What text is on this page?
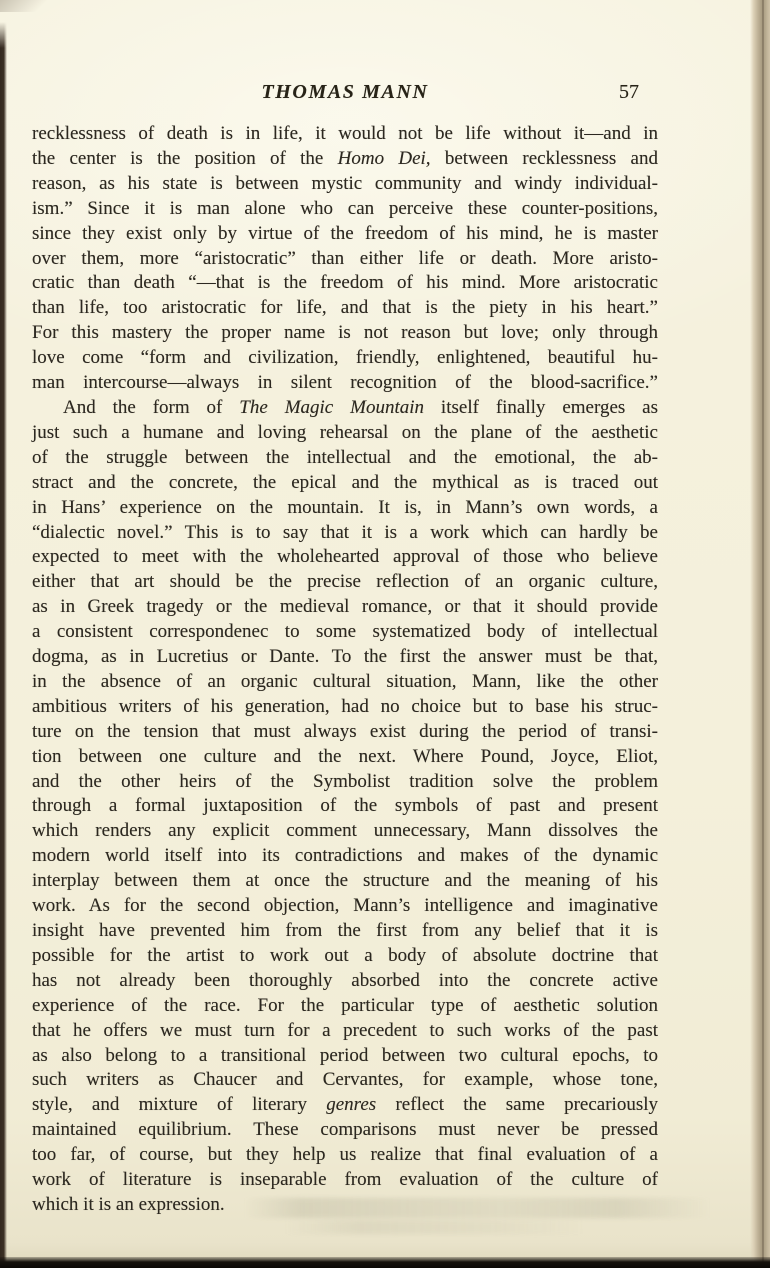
THOMAS MANN	57
recklessness of death is in life, it would not be life without it—and in
the center is the position of the Homo Dei, between recklessness and
reason, as his state is between mystic community and windy individual-
ism.” Since it is man alone who can perceive these counter-positions,
since they exist only by virtue of the freedom of his mind, he is master
over them, more “aristocratic” than either life or death. More aristo-
cratic than death “—that is the freedom of his mind. More aristocratic
than life, too aristocratic for life, and that is the piety in his heart.”
For this mastery the proper name is not reason but love; only through
love come “form and civilization, friendly, enlightened, beautiful hu-
man intercourse—always in silent recognition of the blood-sacrifice.”
And the form of The Magic Mountain itself finally emerges as
just such a humane and loving rehearsal on the plane of the aesthetic
of the struggle between the intellectual and the emotional, the ab-
stract and the concrete, the epical and the mythical as is traced out
in Hans’ experience on the mountain. It is, in Mann’s own words, a
“dialectic novel.” This is to say that it is a work which can hardly be
expected to meet with the wholehearted approval of those who believe
either that art should be the precise reflection of an organic culture,
as in Greek tragedy or the medieval romance, or that it should provide
a consistent correspondenec to some systematized body of intellectual
dogma, as in Lucretius or Dante. To the first the answer must be that,
in the absence of an organic cultural situation, Mann, like the other
ambitious writers of his generation, had no choice but to base his struc-
ture on the tension that must always exist during the period of transi-
tion between one culture and the next. Where Pound, Joyce, Eliot,
and the other heirs of the Symbolist tradition solve the problem
through a formal juxtaposition of the symbols of past and present
which renders any explicit comment unnecessary, Mann dissolves the
modern world itself into its contradictions and makes of the dynamic
interplay between them at once the structure and the meaning of his
work. As for the second objection, Mann’s intelligence and imaginative
insight have prevented him from the first from any belief that it is
possible for the artist to work out a body of absolute doctrine that
has not already been thoroughly absorbed into the concrete active
experience of the race. For the particular type of aesthetic solution
that he offers we must turn for a precedent to such works of the past
as also belong to a transitional period between two cultural epochs, to
such writers as Chaucer and Cervantes, for example, whose tone,
style, and mixture of literary genres reflect the same precariously
maintained equilibrium. These comparisons must never be pressed
too far, of course, but they help us realize that final evaluation of a
work of literature is inseparable from evaluation of the culture of
which it is an expression.
